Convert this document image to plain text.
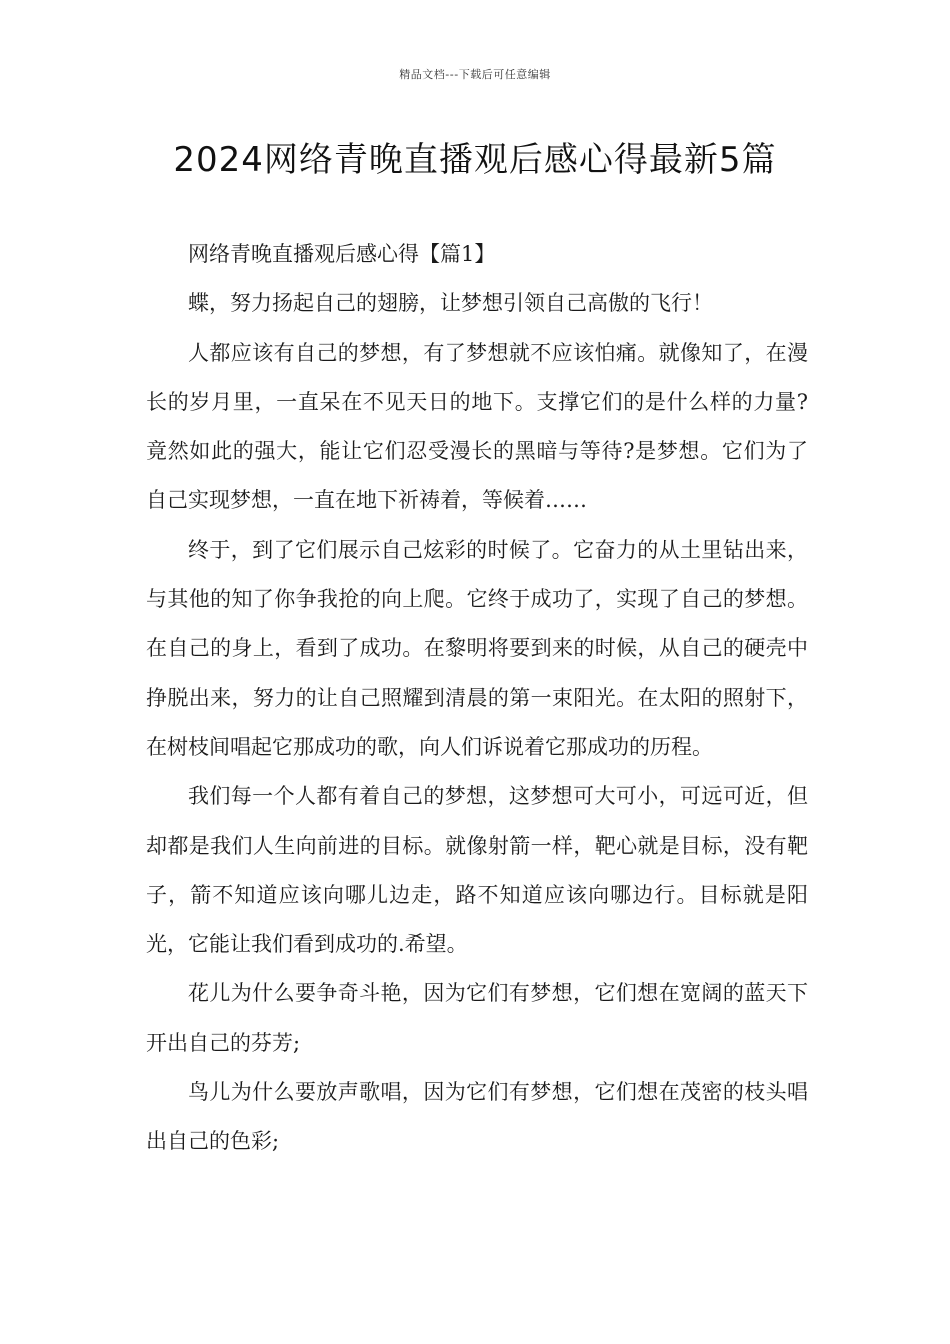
精品文档---下载后可任意编辑
2024网络青晚直播观后感心得最新5篇

网络青晚直播观后感心得【篇1】

蝶，努力扬起自己的翅膀，让梦想引领自己高傲的飞行！

人都应该有自己的梦想，有了梦想就不应该怕痛。就像知了，在漫长的岁月里，一直呆在不见天日的地下。支撑它们的是什么样的力量?竟然如此的强大，能让它们忍受漫长的黑暗与等待?是梦想。它们为了自己实现梦想，一直在地下祈祷着，等候着……

终于，到了它们展示自己炫彩的时候了。它奋力的从土里钻出来，与其他的知了你争我抢的向上爬。它终于成功了，实现了自己的梦想。在自己的身上，看到了成功。在黎明将要到来的时候，从自己的硬壳中挣脱出来，努力的让自己照耀到清晨的第一束阳光。在太阳的照射下，在树枝间唱起它那成功的歌，向人们诉说着它那成功的历程。

我们每一个人都有着自己的梦想，这梦想可大可小，可远可近，但却都是我们人生向前进的目标。就像射箭一样，靶心就是目标，没有靶子，箭不知道应该向哪儿边走，路不知道应该向哪边行。目标就是阳光，它能让我们看到成功的.希望。

花儿为什么要争奇斗艳，因为它们有梦想，它们想在宽阔的蓝天下开出自己的芬芳;

鸟儿为什么要放声歌唱，因为它们有梦想，它们想在茂密的枝头唱出自己的色彩;
